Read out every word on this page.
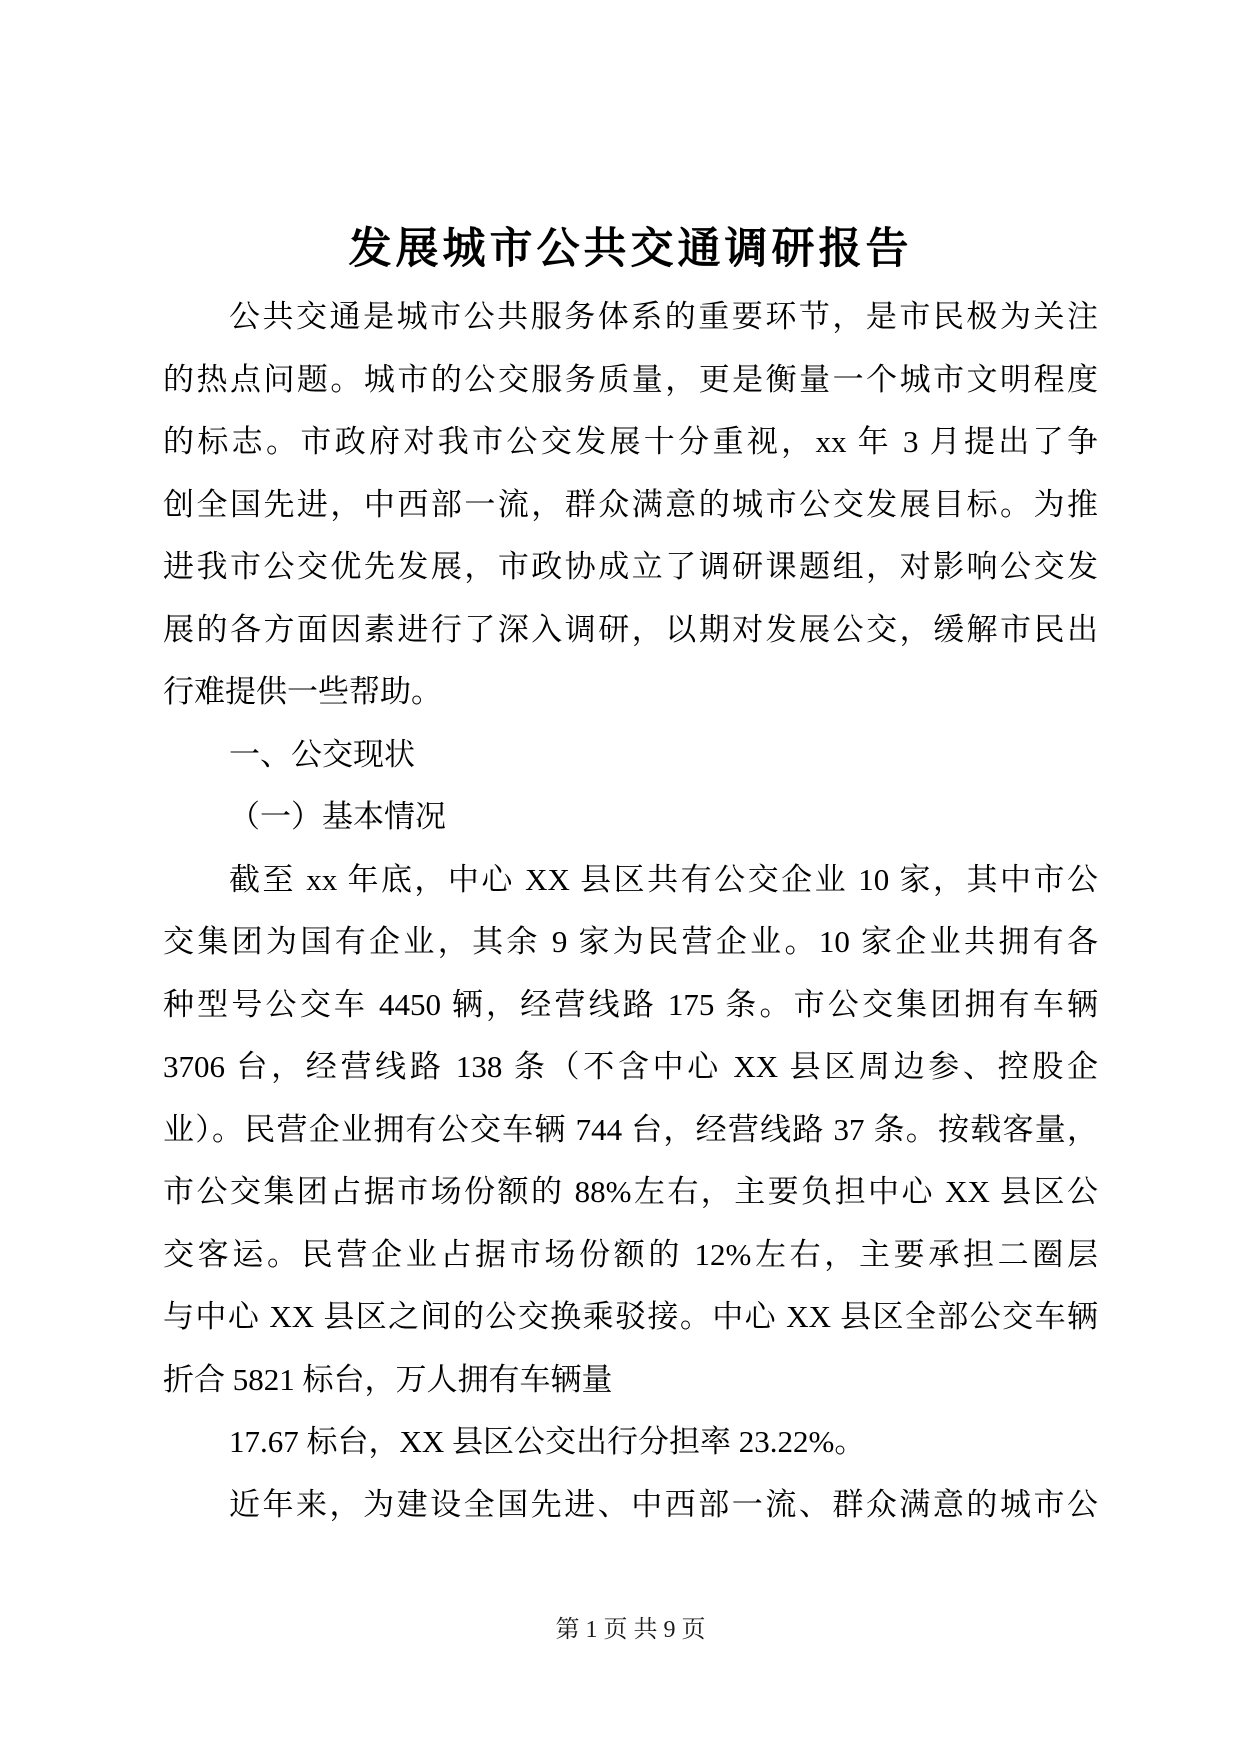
发展城市公共交通调研报告
公共交通是城市公共服务体系的重要环节，是市民极为关注
的热点问题。城市的公交服务质量，更是衡量一个城市文明程度
的标志。市政府对我市公交发展十分重视，xx 年 3 月提出了争
创全国先进，中西部一流，群众满意的城市公交发展目标。为推
进我市公交优先发展，市政协成立了调研课题组，对影响公交发
展的各方面因素进行了深入调研，以期对发展公交，缓解市民出
行难提供一些帮助。
一、公交现状
（一）基本情况
截至 xx 年底，中心 XX 县区共有公交企业 10 家，其中市公
交集团为国有企业，其余 9 家为民营企业。10 家企业共拥有各
种型号公交车 4450 辆，经营线路 175 条。市公交集团拥有车辆
3706 台，经营线路 138 条（不含中心 XX 县区周边参、控股企
业）。民营企业拥有公交车辆 744 台，经营线路 37 条。按载客量，
市公交集团占据市场份额的 88%左右，主要负担中心 XX 县区公
交客运。民营企业占据市场份额的 12%左右，主要承担二圈层
与中心 XX 县区之间的公交换乘驳接。中心 XX 县区全部公交车辆
折合 5821 标台，万人拥有车辆量
17.67 标台，XX 县区公交出行分担率 23.22%。
近年来，为建设全国先进、中西部一流、群众满意的城市公
第 1 页 共 9 页
